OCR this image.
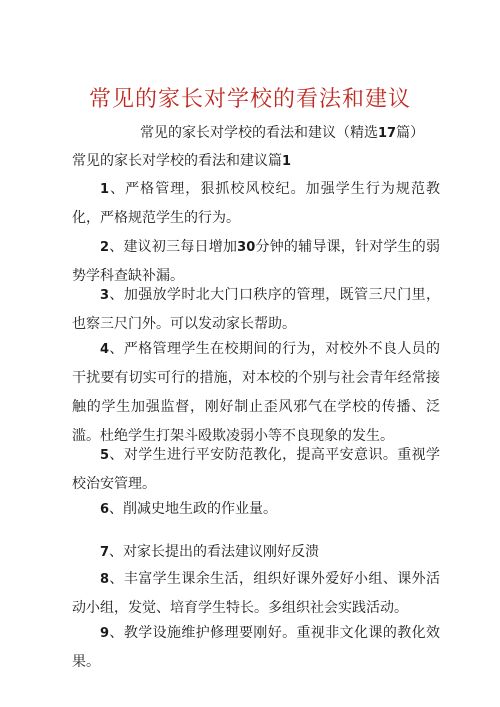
常见的家长对学校的看法和建议
常见的家长对学校的看法和建议（精选17篇）
常见的家长对学校的看法和建议篇1
1、严格管理，狠抓校风校纪。加强学生行为规范教化，严格规范学生的行为。
2、建议初三每日增加30分钟的辅导课，针对学生的弱势学科查缺补漏。
3、加强放学时北大门口秩序的管理，既管三尺门里，也察三尺门外。可以发动家长帮助。
4、严格管理学生在校期间的行为，对校外不良人员的干扰要有切实可行的措施，对本校的个别与社会青年经常接触的学生加强监督，刚好制止歪风邪气在学校的传播、泛滥。杜绝学生打架斗殴欺凌弱小等不良现象的发生。
5、对学生进行平安防范教化，提高平安意识。重视学校治安管理。
6、削减史地生政的作业量。
7、对家长提出的看法建议刚好反溃
8、丰富学生课余生活，组织好课外爱好小组、课外活动小组，发觉、培育学生特长。多组织社会实践活动。
9、教学设施维护修理要刚好。重视非文化课的教化效果。
